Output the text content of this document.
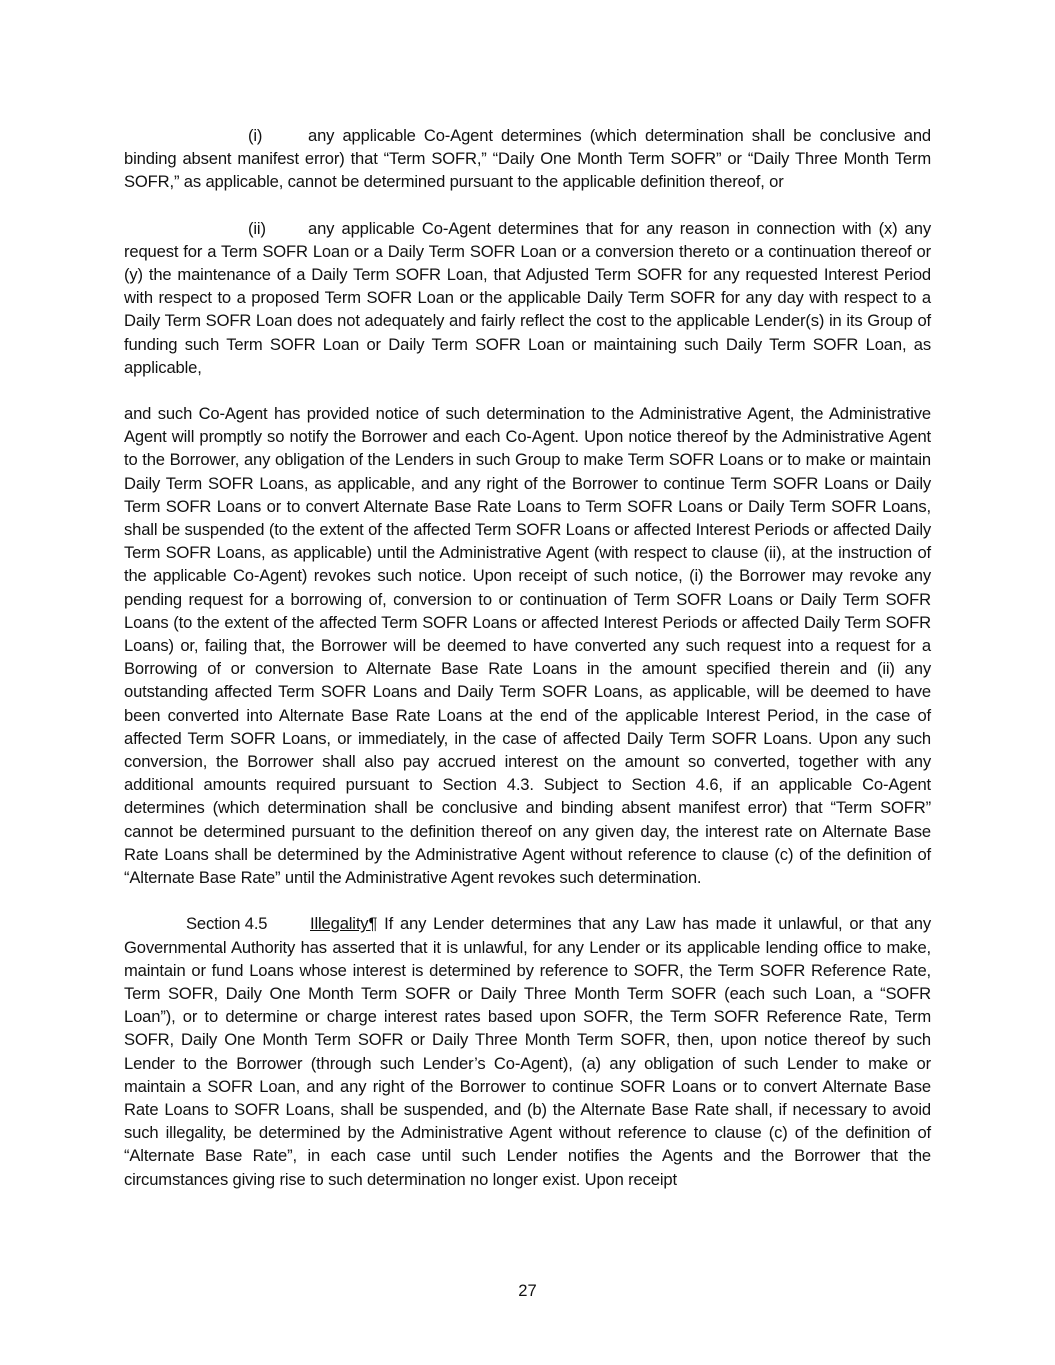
(i)	any applicable Co-Agent determines (which determination shall be conclusive and binding absent manifest error) that “Term SOFR,” “Daily One Month Term SOFR” or “Daily Three Month Term SOFR,” as applicable, cannot be determined pursuant to the applicable definition thereof, or

(ii)	any applicable Co-Agent determines that for any reason in connection with (x) any request for a Term SOFR Loan or a Daily Term SOFR Loan or a conversion thereto or a continuation thereof or (y) the maintenance of a Daily Term SOFR Loan, that Adjusted Term SOFR for any requested Interest Period with respect to a proposed Term SOFR Loan or the applicable Daily Term SOFR for any day with respect to a Daily Term SOFR Loan does not adequately and fairly reflect the cost to the applicable Lender(s) in its Group of funding such Term SOFR Loan or Daily Term SOFR Loan or maintaining such Daily Term SOFR Loan, as applicable,

and such Co-Agent has provided notice of such determination to the Administrative Agent, the Administrative Agent will promptly so notify the Borrower and each Co-Agent. Upon notice thereof by the Administrative Agent to the Borrower, any obligation of the Lenders in such Group to make Term SOFR Loans or to make or maintain Daily Term SOFR Loans, as applicable, and any right of the Borrower to continue Term SOFR Loans or Daily Term SOFR Loans or to convert Alternate Base Rate Loans to Term SOFR Loans or Daily Term SOFR Loans, shall be suspended (to the extent of the affected Term SOFR Loans or affected Interest Periods or affected Daily Term SOFR Loans, as applicable) until the Administrative Agent (with respect to clause (ii), at the instruction of the applicable Co-Agent) revokes such notice. Upon receipt of such notice, (i) the Borrower may revoke any pending request for a borrowing of, conversion to or continuation of Term SOFR Loans or Daily Term SOFR Loans (to the extent of the affected Term SOFR Loans or affected Interest Periods or affected Daily Term SOFR Loans) or, failing that, the Borrower will be deemed to have converted any such request into a request for a Borrowing of or conversion to Alternate Base Rate Loans in the amount specified therein and (ii) any outstanding affected Term SOFR Loans and Daily Term SOFR Loans, as applicable, will be deemed to have been converted into Alternate Base Rate Loans at the end of the applicable Interest Period, in the case of affected Term SOFR Loans, or immediately, in the case of affected Daily Term SOFR Loans. Upon any such conversion, the Borrower shall also pay accrued interest on the amount so converted, together with any additional amounts required pursuant to Section 4.3. Subject to Section 4.6, if an applicable Co-Agent determines (which determination shall be conclusive and binding absent manifest error) that “Term SOFR” cannot be determined pursuant to the definition thereof on any given day, the interest rate on Alternate Base Rate Loans shall be determined by the Administrative Agent without reference to clause (c) of the definition of “Alternate Base Rate” until the Administrative Agent revokes such determination.

Section 4.5	Illegality¶ If any Lender determines that any Law has made it unlawful, or that any Governmental Authority has asserted that it is unlawful, for any Lender or its applicable lending office to make, maintain or fund Loans whose interest is determined by reference to SOFR, the Term SOFR Reference Rate, Term SOFR, Daily One Month Term SOFR or Daily Three Month Term SOFR (each such Loan, a “SOFR Loan”), or to determine or charge interest rates based upon SOFR, the Term SOFR Reference Rate, Term SOFR, Daily One Month Term SOFR or Daily Three Month Term SOFR, then, upon notice thereof by such Lender to the Borrower (through such Lender’s Co-Agent), (a) any obligation of such Lender to make or maintain a SOFR Loan, and any right of the Borrower to continue SOFR Loans or to convert Alternate Base Rate Loans to SOFR Loans, shall be suspended, and (b) the Alternate Base Rate shall, if necessary to avoid such illegality, be determined by the Administrative Agent without reference to clause (c) of the definition of “Alternate Base Rate”, in each case until such Lender notifies the Agents and the Borrower that the circumstances giving rise to such determination no longer exist. Upon receipt

27
